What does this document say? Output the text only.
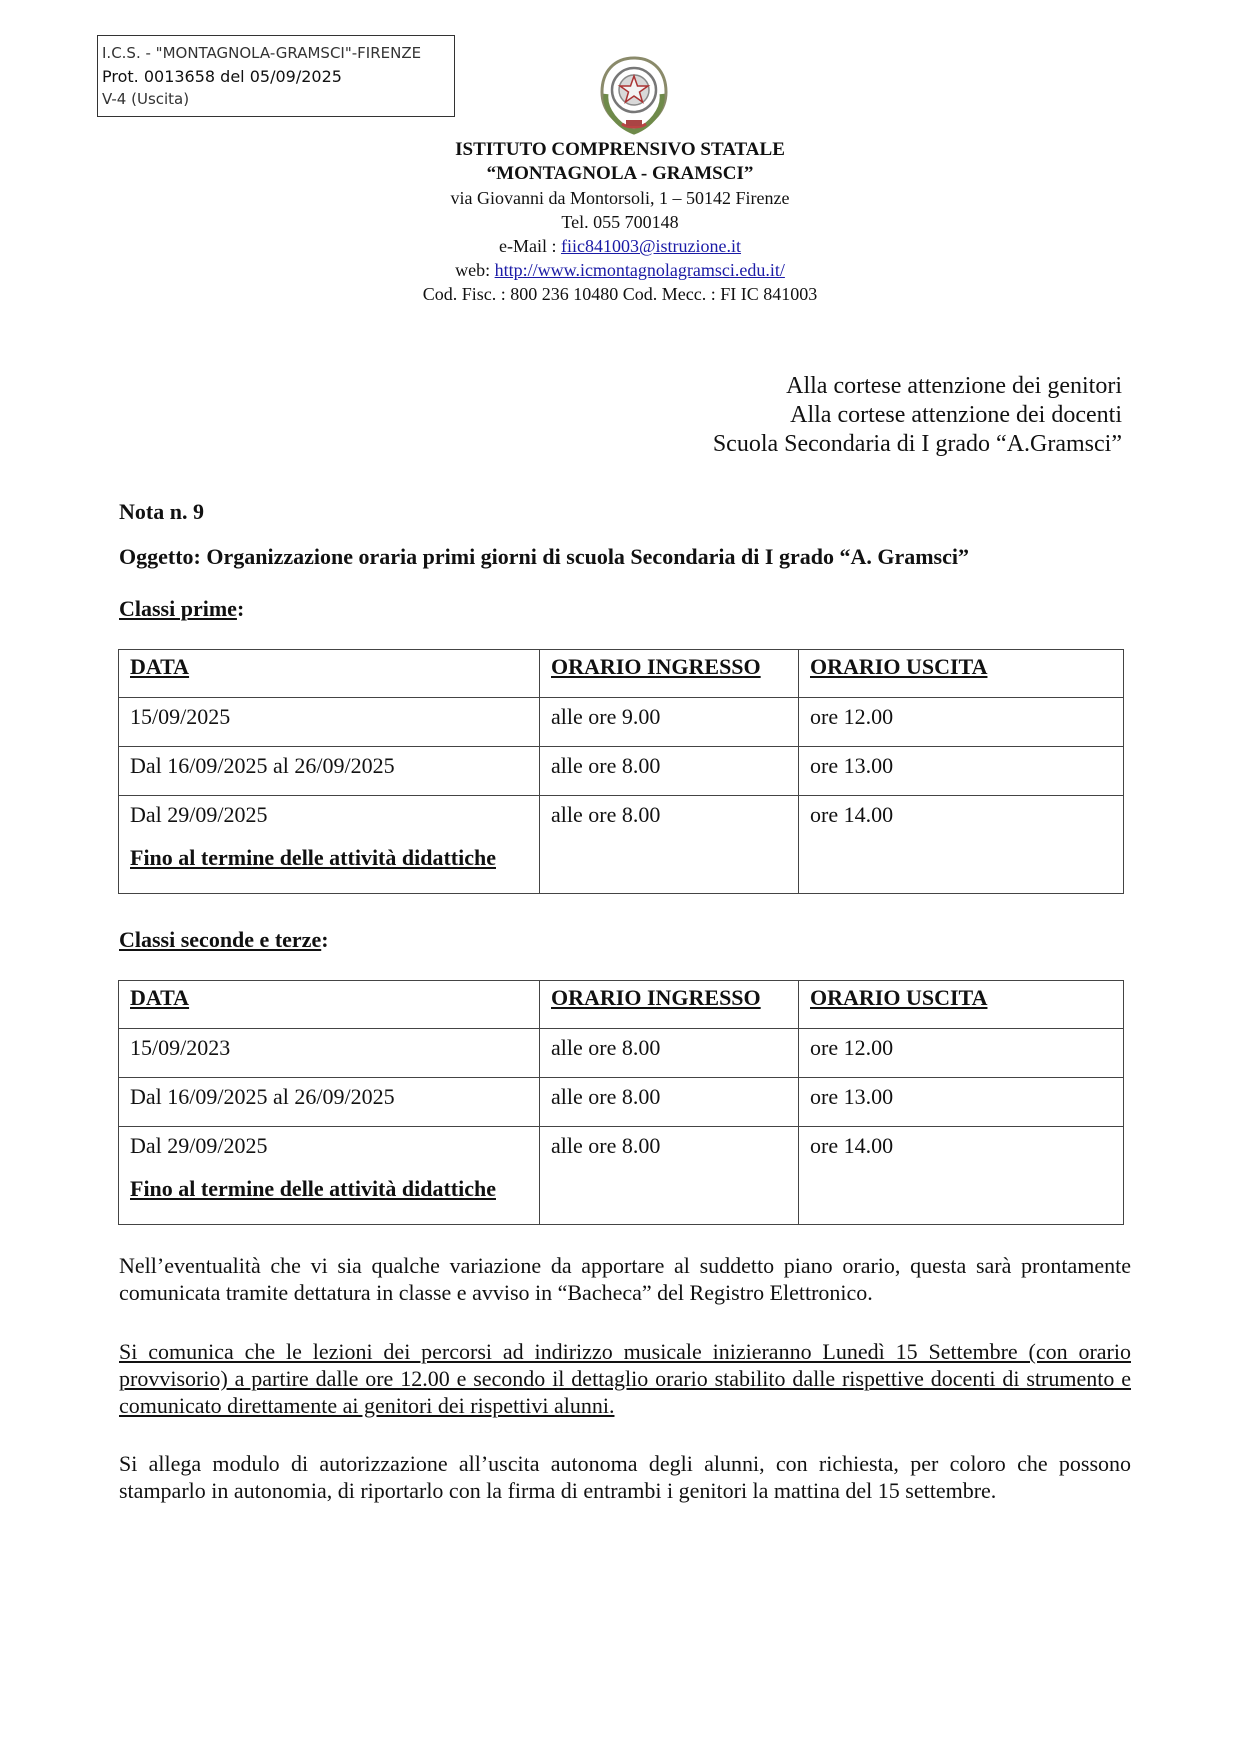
I.C.S. - "MONTAGNOLA-GRAMSCI"-FIRENZE
Prot. 0013658 del 05/09/2025
V-4 (Uscita)
ISTITUTO COMPRENSIVO STATALE
“MONTAGNOLA - GRAMSCI”
via Giovanni da Montorsoli, 1 – 50142 Firenze
Tel. 055 700148
e-Mail : fiic841003@istruzione.it
web: http://www.icmontagnolagramsci.edu.it/
Cod. Fisc. : 800 236 10480 Cod. Mecc. : FI IC 841003
Alla cortese attenzione dei genitori
Alla cortese attenzione dei docenti
Scuola Secondaria di I grado “A.Gramsci”
Nota n. 9
Oggetto: Organizzazione oraria primi giorni di scuola Secondaria di I grado “A. Gramsci”
Classi prime:
DATA	ORARIO INGRESSO	ORARIO USCITA
15/09/2025	alle ore 9.00	ore 12.00
Dal 16/09/2025 al 26/09/2025	alle ore 8.00	ore 13.00
Dal 29/09/2025
Fino al termine delle attività didattiche	alle ore 8.00	ore 14.00
Classi seconde e terze:
DATA	ORARIO INGRESSO	ORARIO USCITA
15/09/2023	alle ore 8.00	ore 12.00
Dal 16/09/2025 al 26/09/2025	alle ore 8.00	ore 13.00
Dal 29/09/2025
Fino al termine delle attività didattiche	alle ore 8.00	ore 14.00
Nell’eventualità che vi sia qualche variazione da apportare al suddetto piano orario, questa sarà prontamente comunicata tramite dettatura in classe e avviso in “Bacheca” del Registro Elettronico.
Si comunica che le lezioni dei percorsi ad indirizzo musicale inizieranno Lunedì 15 Settembre (con orario provvisorio) a partire dalle ore 12.00 e secondo il dettaglio orario stabilito dalle rispettive docenti di strumento e comunicato direttamente ai genitori dei rispettivi alunni.
Si allega modulo di autorizzazione all’uscita autonoma degli alunni, con richiesta, per coloro che possono stamparlo in autonomia, di riportarlo con la firma di entrambi i genitori la mattina del 15 settembre.
